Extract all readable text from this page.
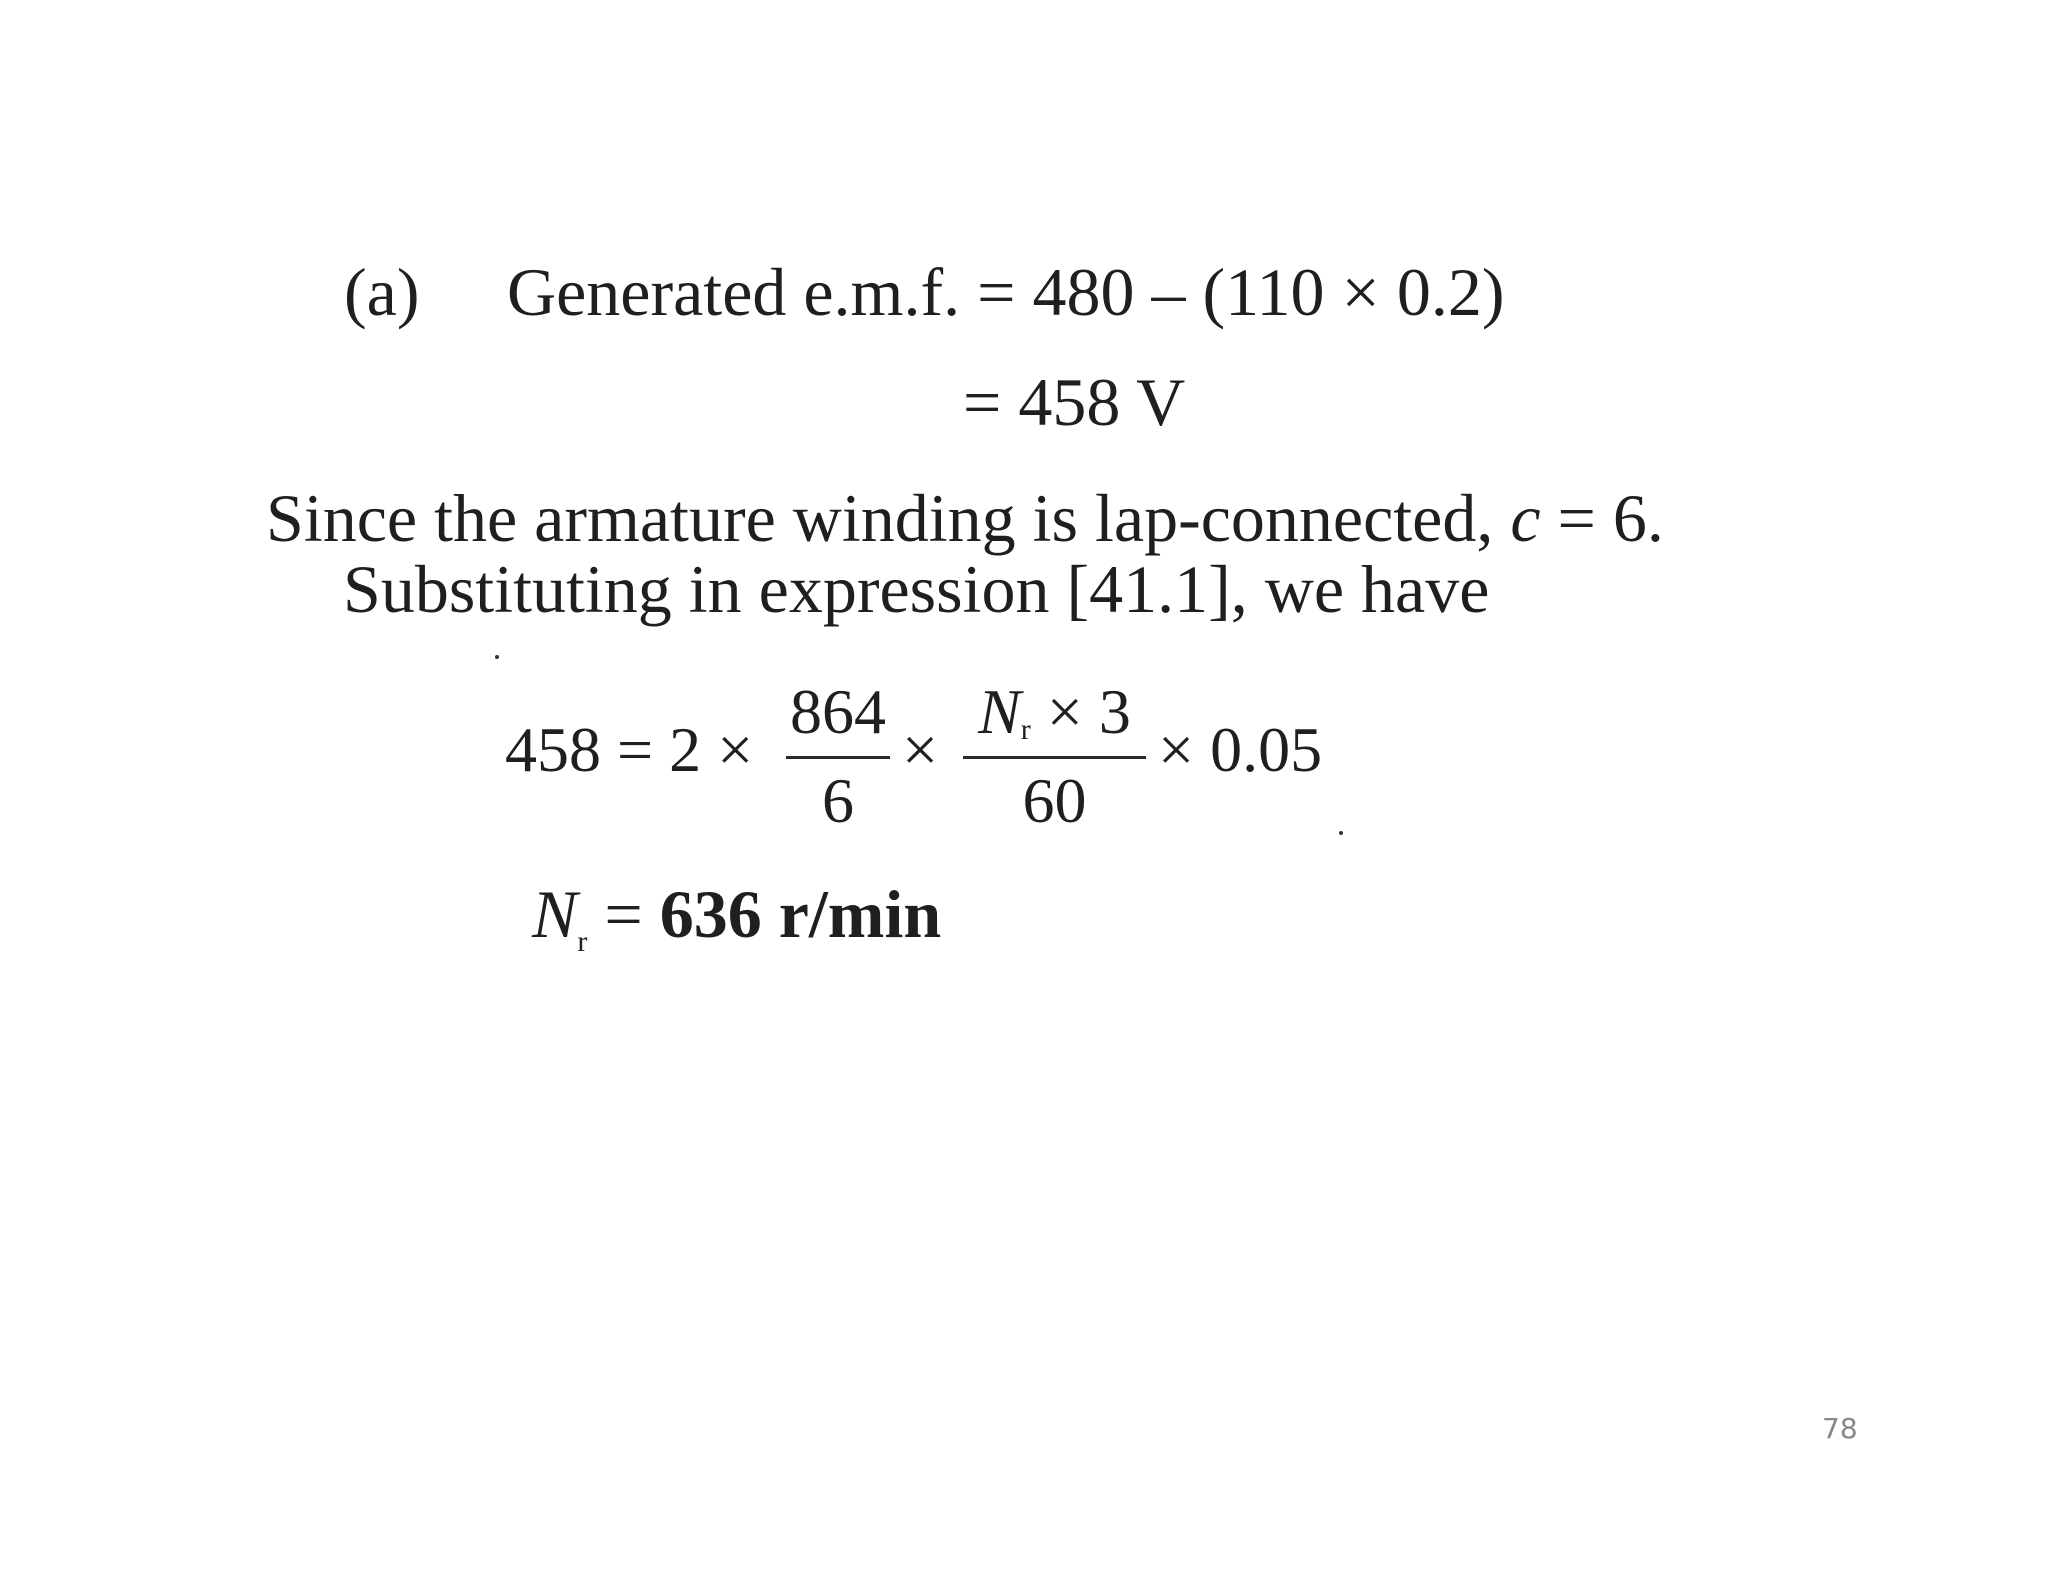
(a) Generated e.m.f. = 480 – (110 × 0.2)
= 458 V
Since the armature winding is lap-connected, c = 6.
Substituting in expression [41.1], we have
458 = 2 ×
864
6
×
Nr × 3
60
× 0.05
$N_r = 636$ r/min
78
